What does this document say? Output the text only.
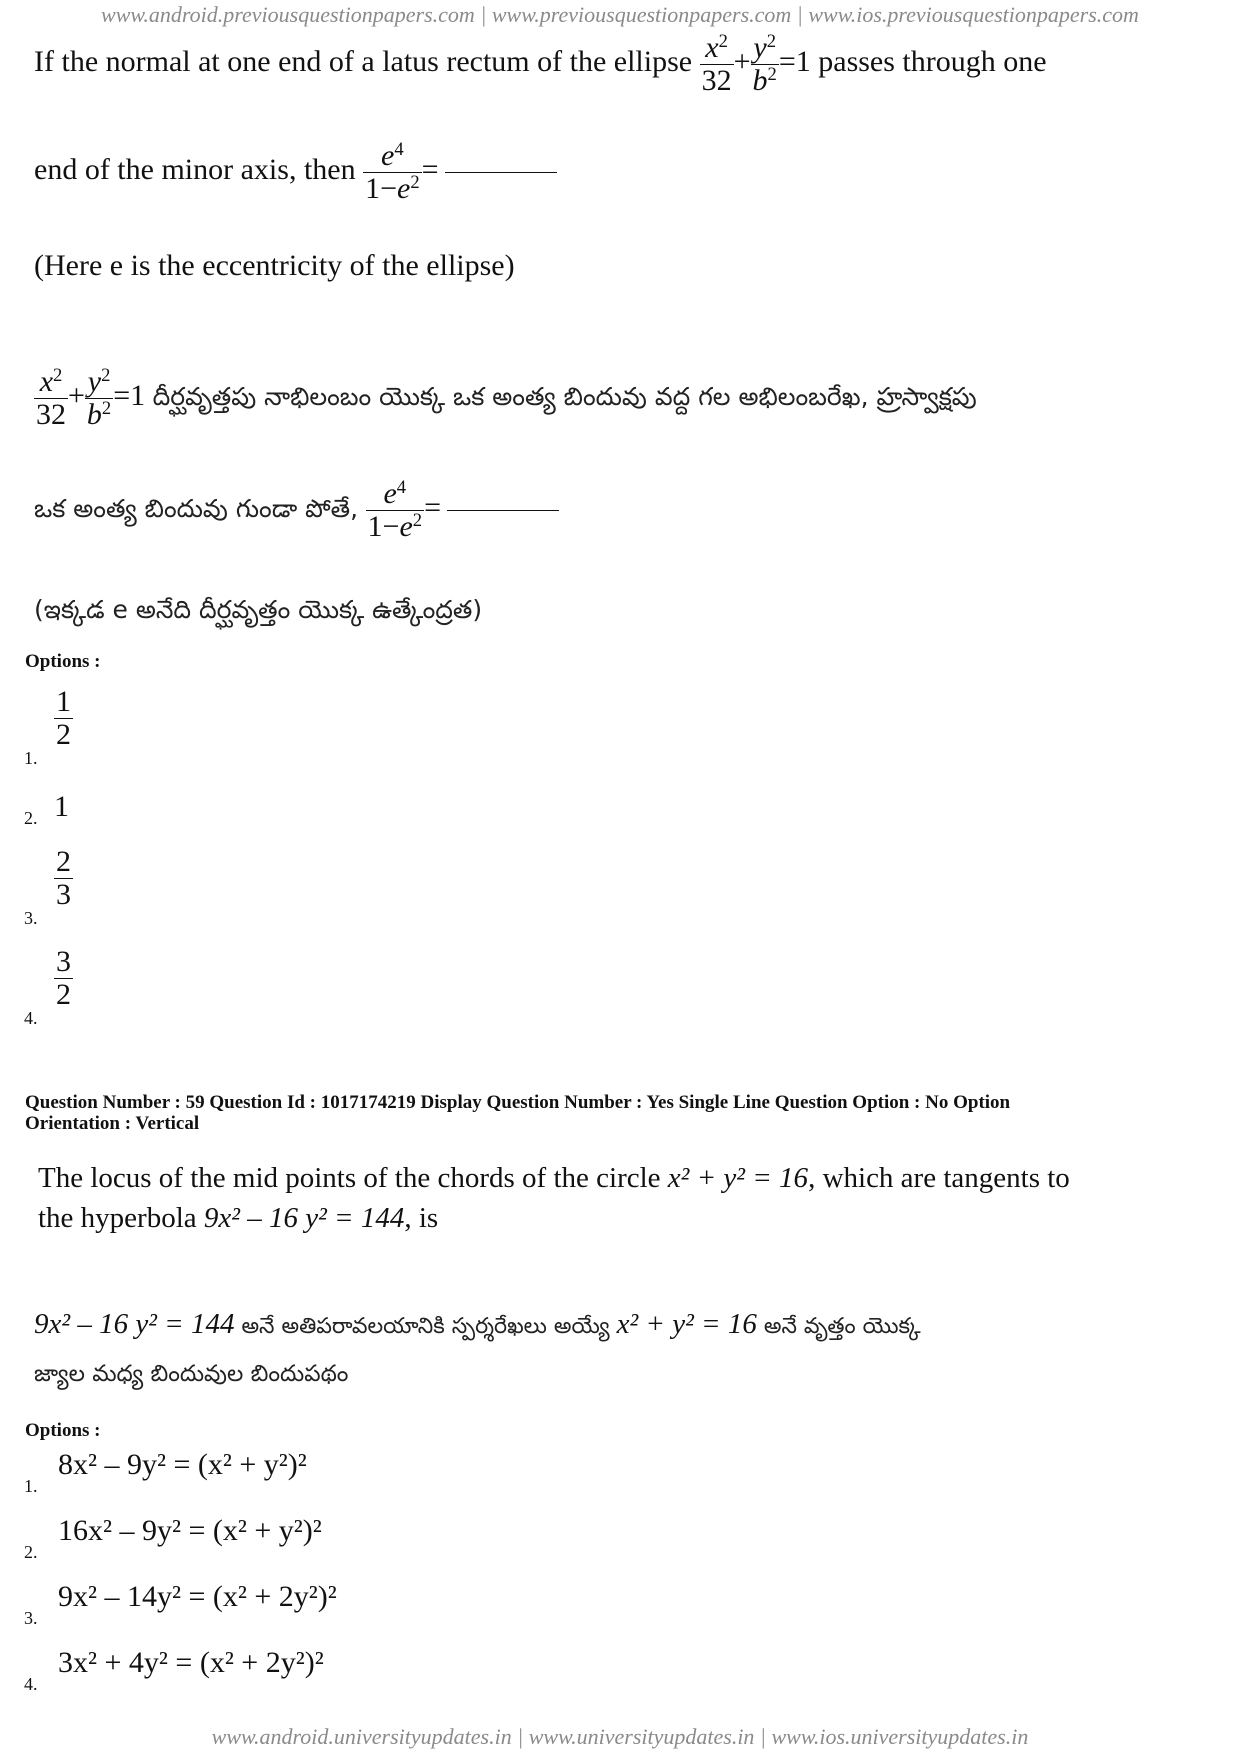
www.android.previousquestionpapers.com | www.previousquestionpapers.com | www.ios.previousquestionpapers.com
If the normal at one end of a latus rectum of the ellipse $\frac{x^2}{32} + \frac{y^2}{b^2} =1$ passes through one
end of the minor axis, then $\frac{e^4}{1-e^2}$ =
(Here e is the eccentricity of the ellipse)
$\frac{x^2}{32} + \frac{y^2}{b^2} =1$ దీర్ఘవృత్తపు నాభిలంబం యొక్క ఒక అంత్య బిందువు వద్ద గల అభిలంబరేఖ, హ్రస్వాక్షపు
ఒక అంత్య బిందువు గుండా పోతే, $\frac{e^4}{1-e^2}$ =
(ఇక్కడ e అనేది దీర్ఘవృత్తం యొక్క ఉత్కేంద్రత)
Options :
1.
$\frac{1}{2}$
2. 1
3.
$\frac{2}{3}$
4.
$\frac{3}{2}$
Question Number : 59 Question Id : 1017174219 Display Question Number : Yes Single Line Question Option : No Option
Orientation : Vertical
The locus of the mid points of the chords of the circle x² + y² = 16, which are tangents to
the hyperbola 9x² – 16 y² = 144, is
9x² – 16 y² = 144 అనే అతిపరావలయానికి స్పర్శరేఖలు అయ్యే x² + y² = 16 అనే వృత్తం యొక్క
జ్యాల మధ్య బిందువుల బిందుపథం
Options :
1.
8x² – 9y² = (x² + y²)²
2.
16x² – 9y² = (x² + y²)²
3.
9x² – 14y² = (x² + 2y²)²
4.
3x² + 4y² = (x² + 2y²)²
www.android.universityupdates.in | www.universityupdates.in | www.ios.universityupdates.in
